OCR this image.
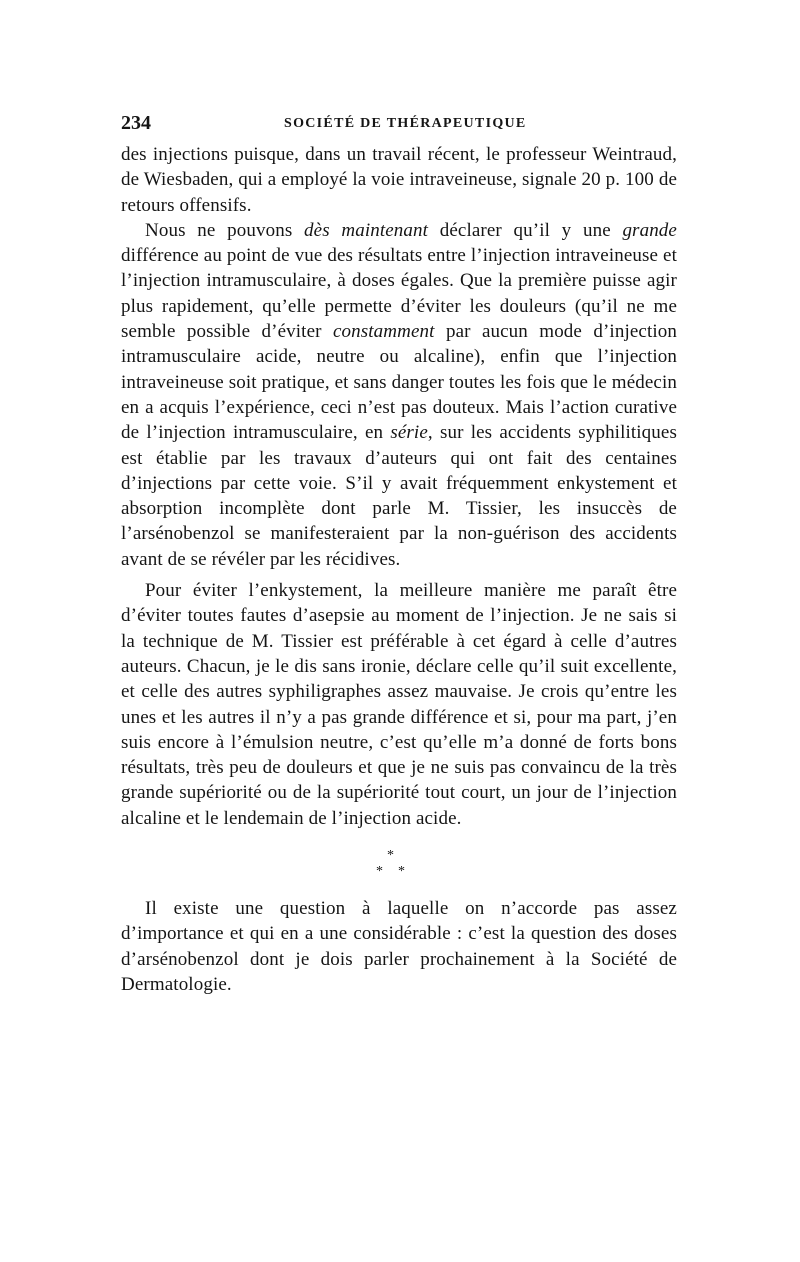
234	SOCIÉTÉ DE THÉRAPEUTIQUE

des injections puisque, dans un travail récent, le professeur Weintraud, de Wiesbaden, qui a employé la voie intraveineuse, signale 20 p. 100 de retours offensifs.

Nous ne pouvons dès maintenant déclarer qu’il y une grande différence au point de vue des résultats entre l’injection intraveineuse et l’injection intramusculaire, à doses égales. Que la première puisse agir plus rapidement, qu’elle permette d’éviter les douleurs (qu’il ne me semble possible d’éviter constamment par aucun mode d’injection intramusculaire acide, neutre ou alcaline), enfin que l’injection intraveineuse soit pratique, et sans danger toutes les fois que le médecin en a acquis l’expérience, ceci n’est pas douteux. Mais l’action curative de l’injection intramusculaire, en série, sur les accidents syphilitiques est établie par les travaux d’auteurs qui ont fait des centaines d’injections par cette voie. S’il y avait fréquemment enkystement et absorption incomplète dont parle M. Tissier, les insuccès de l’arsénobenzol se manifesteraient par la non-guérison des accidents avant de se révéler par les récidives.

Pour éviter l’enkystement, la meilleure manière me paraît être d’éviter toutes fautes d’asepsie au moment de l’injection. Je ne sais si la technique de M. Tissier est préférable à cet égard à celle d’autres auteurs. Chacun, je le dis sans ironie, déclare celle qu’il suit excellente, et celle des autres syphiligraphes assez mauvaise. Je crois qu’entre les unes et les autres il n’y a pas grande différence et si, pour ma part, j’en suis encore à l’émulsion neutre, c’est qu’elle m’a donné de forts bons résultats, très peu de douleurs et que je ne suis pas convaincu de la très grande supériorité ou de la supériorité tout court, un jour de l’injection alcaline et le lendemain de l’injection acide.

*
* *

Il existe une question à laquelle on n’accorde pas assez d’importance et qui en a une considérable : c’est la question des doses d’arsénobenzol dont je dois parler prochainement à la Société de Dermatologie.
